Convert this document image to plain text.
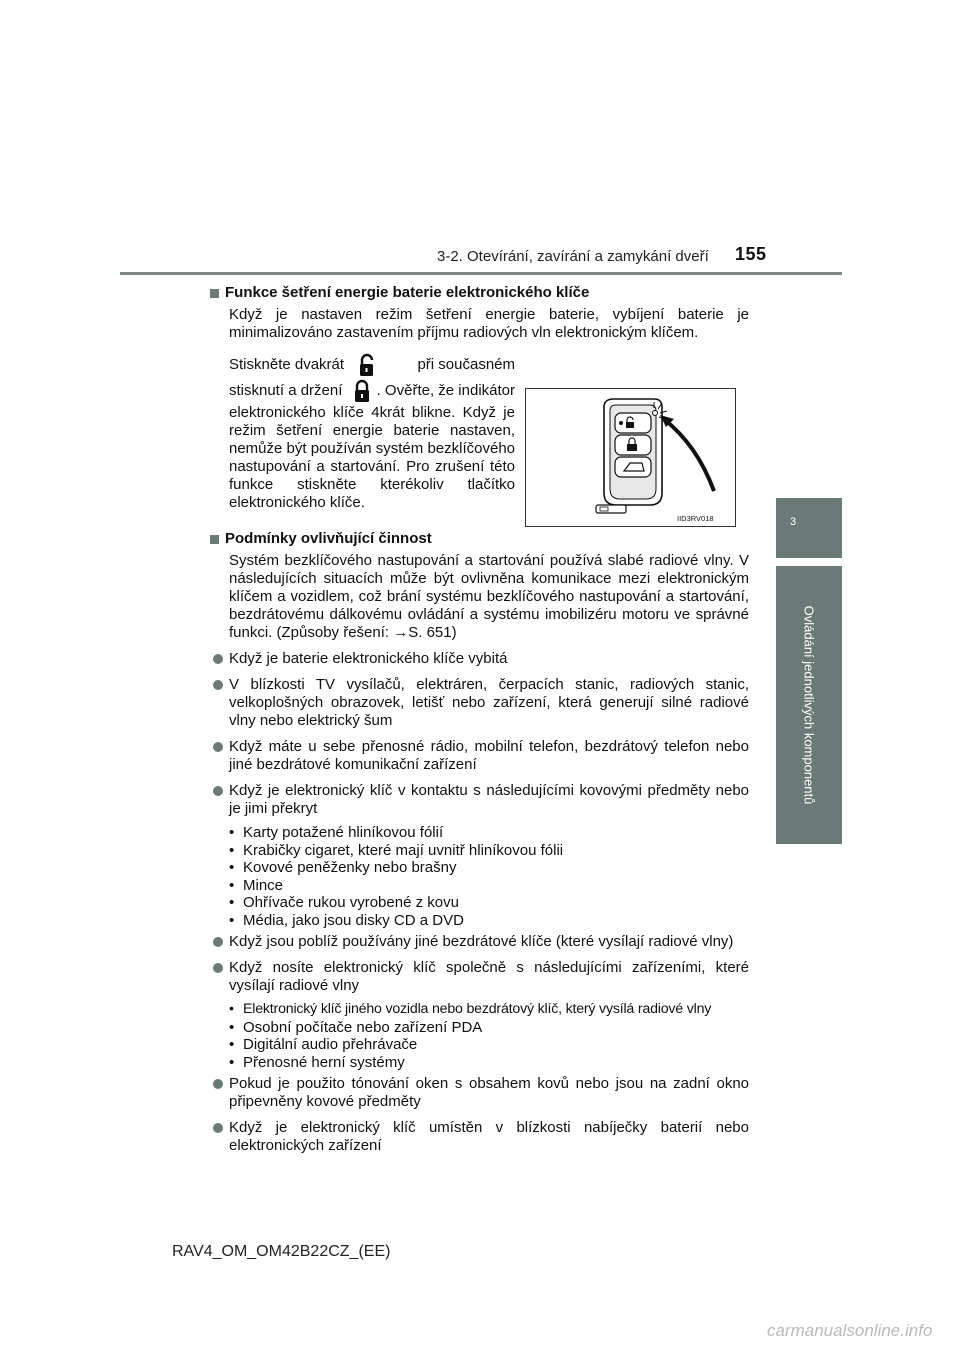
3-2. Otevírání, zavírání a zamykání dveří 155
3
Ovládání jednotlivých komponentů

Funkce šetření energie baterie elektronického klíče

Když je nastaven režim šetření energie baterie, vybíjení baterie je minimalizováno zastavením příjmu radiových vln elektronickým klíčem.

Stiskněte dvakrát	při současném
stisknutí a držení . Ověřte, že indikátor elektronického klíče 4krát blikne. Když je režim šetření energie baterie nastaven, nemůže být používán systém bezklíčového nastupování a startování. Pro zrušení této funkce stiskněte kterékoliv tlačítko elektronického klíče.
IID3RV018

Podmínky ovlivňující činnost

Systém bezklíčového nastupování a startování používá slabé radiové vlny. V následujících situacích může být ovlivněna komunikace mezi elektronickým klíčem a vozidlem, což brání systému bezklíčového nastupování a startování, bezdrátovému dálkovému ovládání a systému imobilizéru motoru ve správné funkci. (Způsoby řešení: →S. 651)

Když je baterie elektronického klíče vybitá
V blízkosti TV vysílačů, elektráren, čerpacích stanic, radiových stanic, velkoplošných obrazovek, letišť nebo zařízení, která generují silné radiové vlny nebo elektrický šum
Když máte u sebe přenosné rádio, mobilní telefon, bezdrátový telefon nebo jiné bezdrátové komunikační zařízení
Když je elektronický klíč v kontaktu s následujícími kovovými předměty nebo je jimi překryt
• Karty potažené hliníkovou fólií
• Krabičky cigaret, které mají uvnitř hliníkovou fólii
• Kovové peněženky nebo brašny
• Mince
• Ohřívače rukou vyrobené z kovu
• Média, jako jsou disky CD a DVD
Když jsou poblíž používány jiné bezdrátové klíče (které vysílají radiové vlny)
Když nosíte elektronický klíč společně s následujícími zařízeními, které vysílají radiové vlny
• Elektronický klíč jiného vozidla nebo bezdrátový klíč, který vysílá radiové vlny
• Osobní počítače nebo zařízení PDA
• Digitální audio přehrávače
• Přenosné herní systémy
Pokud je použito tónování oken s obsahem kovů nebo jsou na zadní okno připevněny kovové předměty
Když je elektronický klíč umístěn v blízkosti nabíječky baterií nebo elektronických zařízení
RAV4_OM_OM42B22CZ_(EE)
carmanualsonline.info
